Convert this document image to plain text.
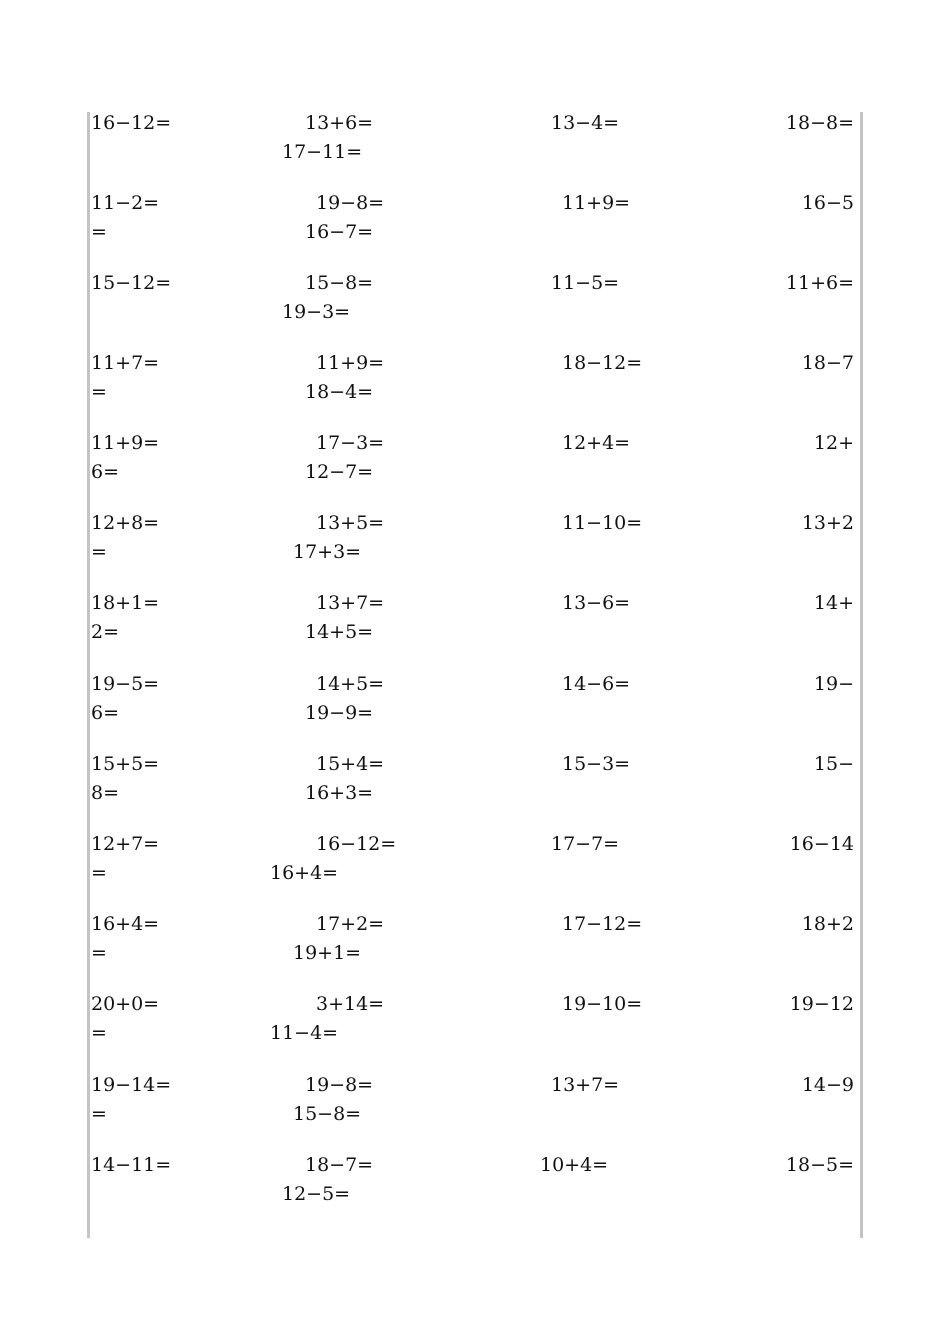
16−12=	13+6=	13−4=	18−8=
17−11=
11−2=	19−8=	11+9=	16−5
=	16−7=
15−12=	15−8=	11−5=	11+6=
19−3=
11+7=	11+9=	18−12=	18−7
=	18−4=
11+9=	17−3=	12+4=	12+
6=	12−7=
12+8=	13+5=	11−10=	13+2
=	17+3=
18+1=	13+7=	13−6=	14+
2=	14+5=
19−5=	14+5=	14−6=	19−
6=	19−9=
15+5=	15+4=	15−3=	15−
8=	16+3=
12+7=	16−12=	17−7=	16−14
=	16+4=
16+4=	17+2=	17−12=	18+2
=	19+1=
20+0=	3+14=	19−10=	19−12
=	11−4=
19−14=	19−8=	13+7=	14−9
=	15−8=
14−11=	18−7=	10+4=	18−5=
12−5=
